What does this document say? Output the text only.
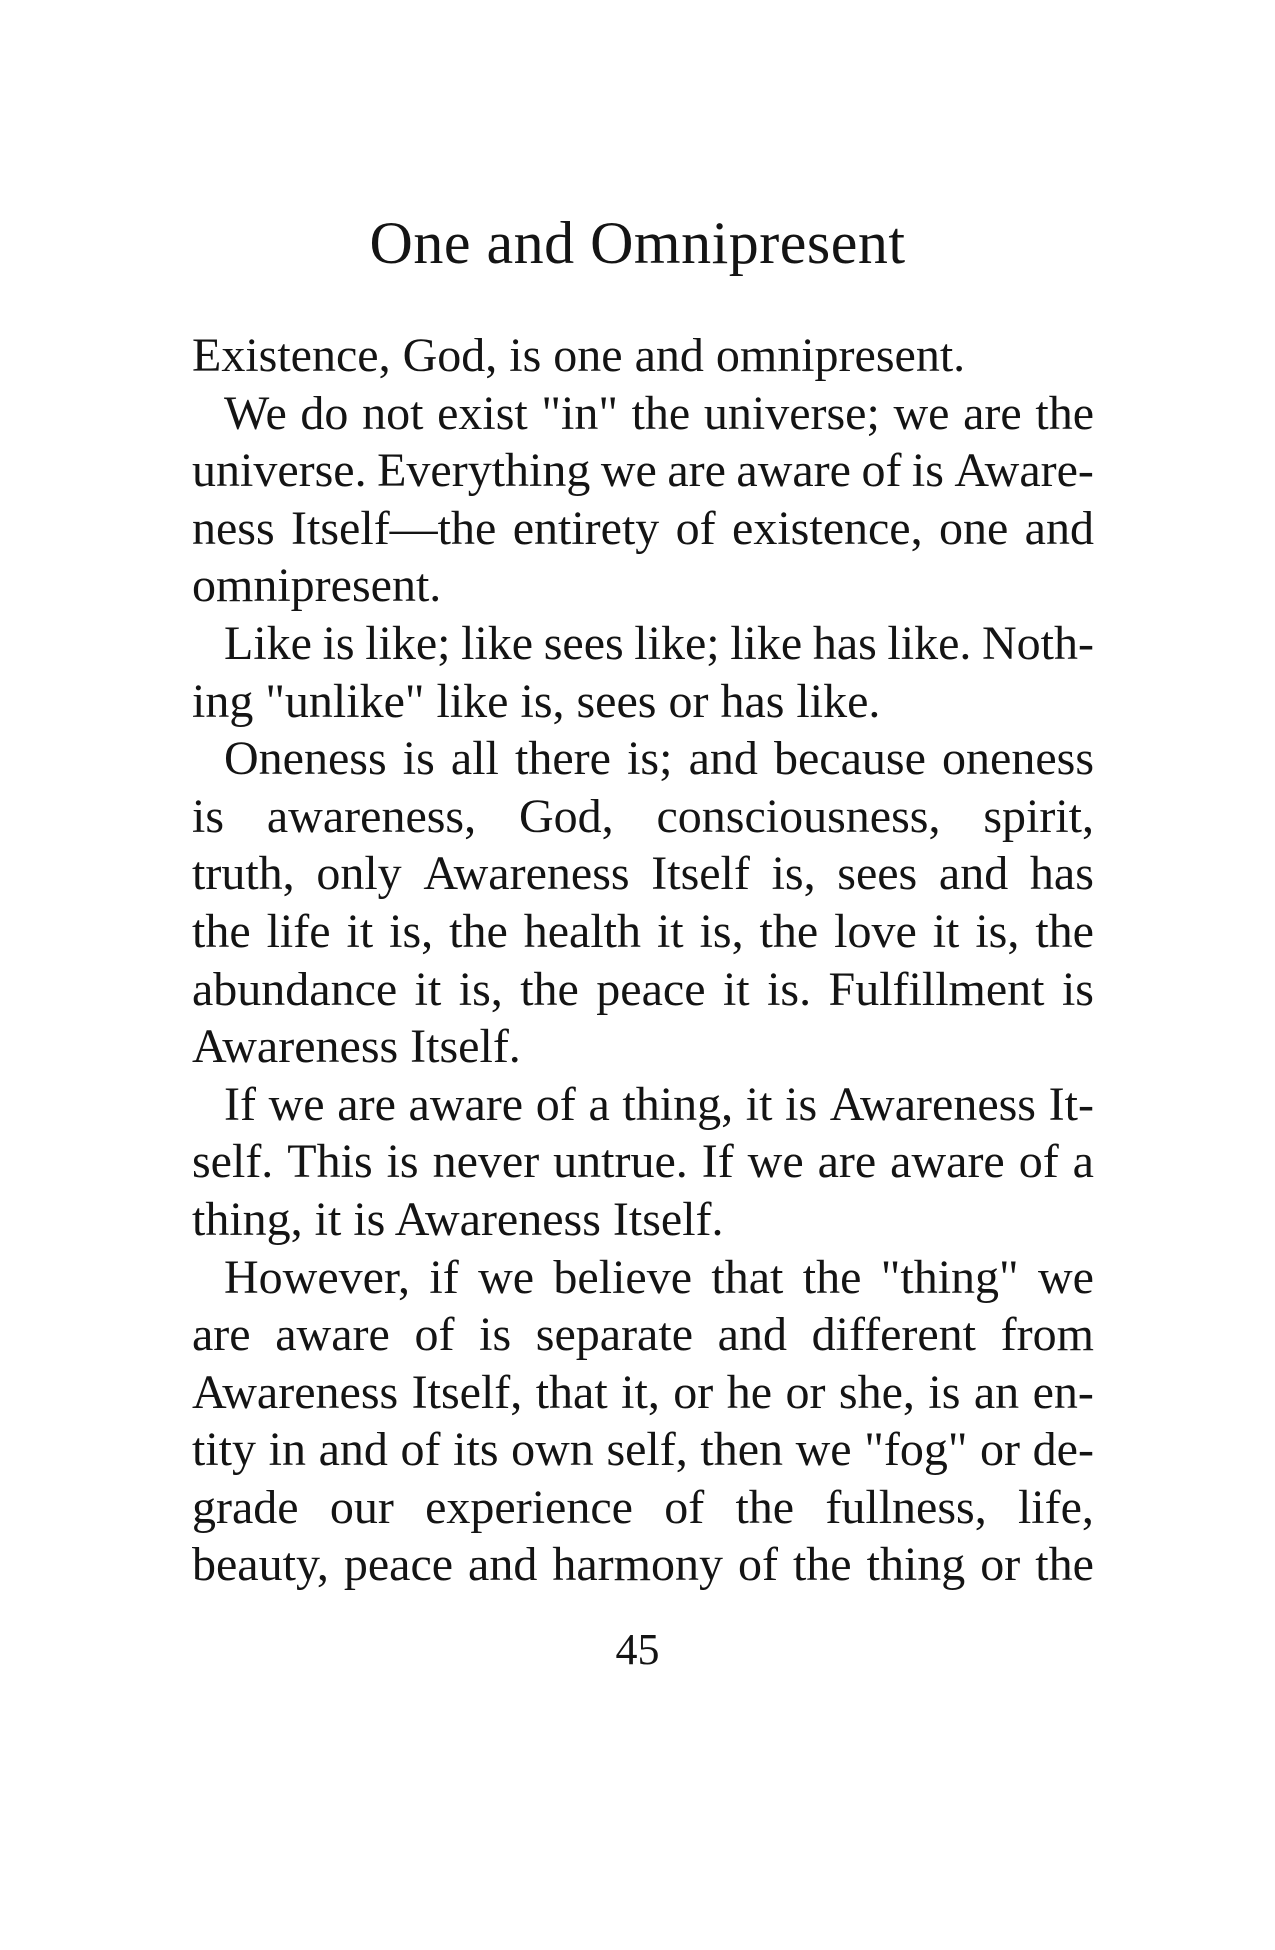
One and Omnipresent
Existence, God, is one and omnipresent.
We do not exist "in" the universe; we are the
universe. Everything we are aware of is Aware-
ness Itself—the entirety of existence, one and
omnipresent.
Like is like; like sees like; like has like. Noth-
ing "unlike" like is, sees or has like.
Oneness is all there is; and because oneness
is awareness, God, consciousness, spirit,
truth, only Awareness Itself is, sees and has
the life it is, the health it is, the love it is, the
abundance it is, the peace it is. Fulfillment is
Awareness Itself.
If we are aware of a thing, it is Awareness It-
self. This is never untrue. If we are aware of a
thing, it is Awareness Itself.
However, if we believe that the "thing" we
are aware of is separate and different from
Awareness Itself, that it, or he or she, is an en-
tity in and of its own self, then we "fog" or de-
grade our experience of the fullness, life,
beauty, peace and harmony of the thing or the
45
